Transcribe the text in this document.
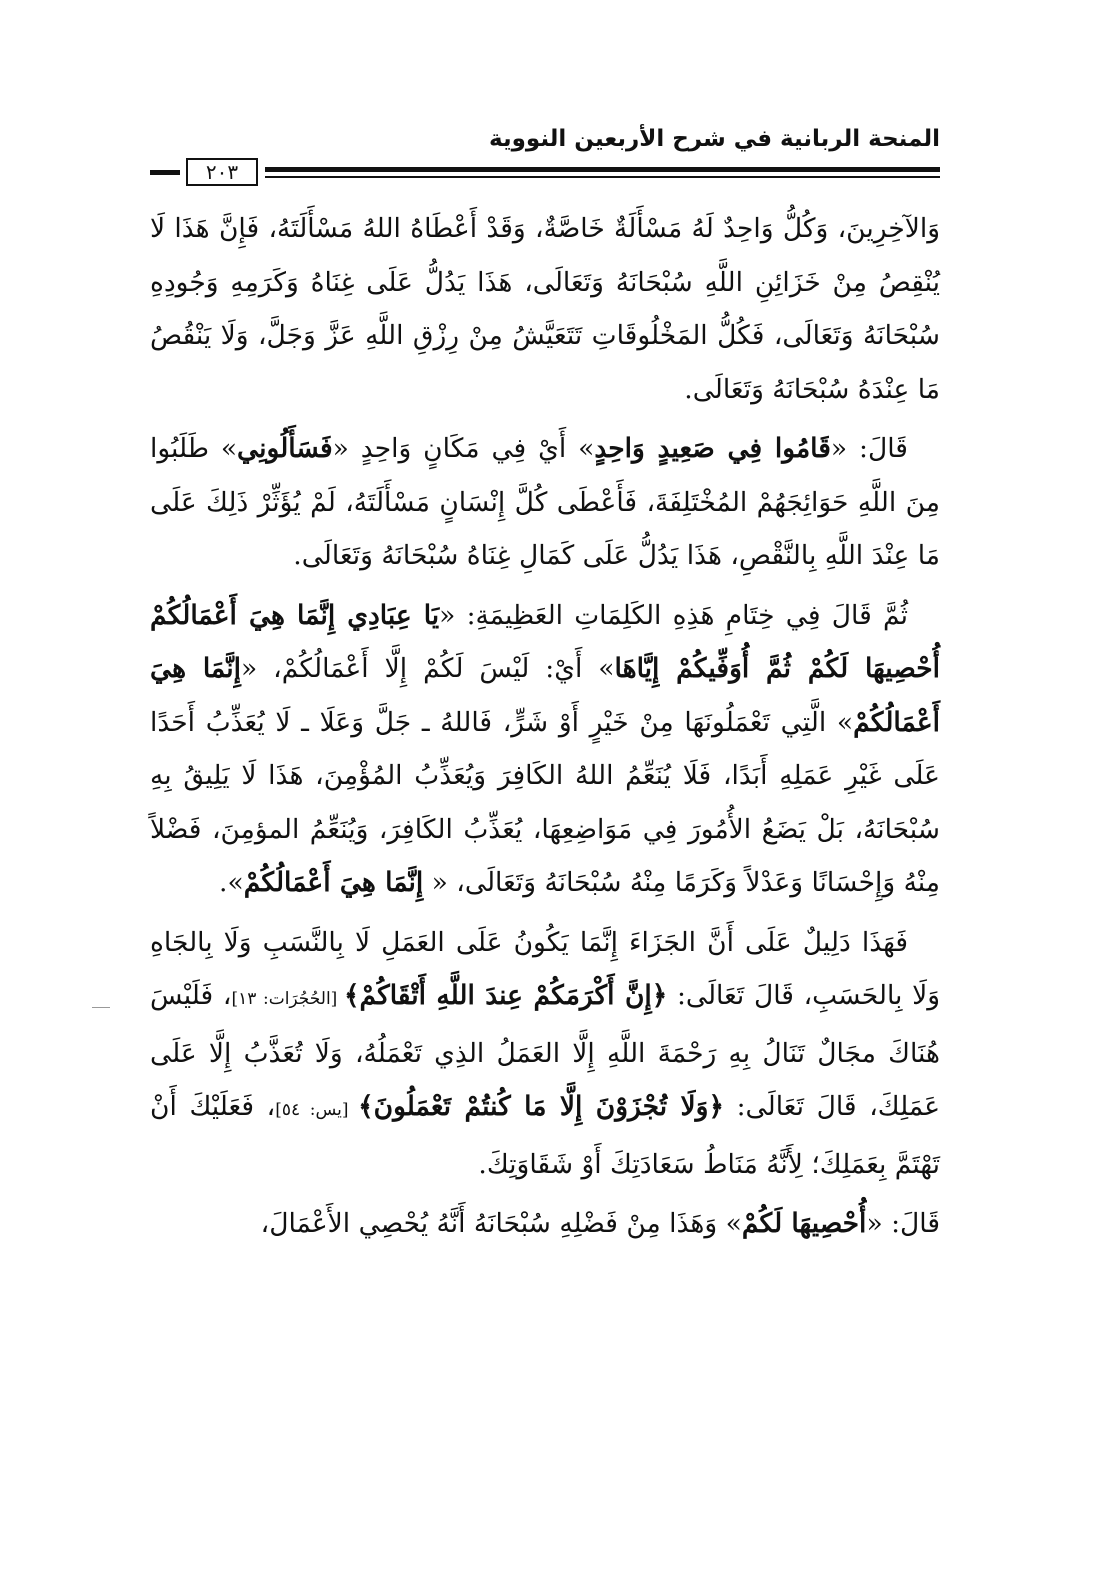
المنحة الربانية في شرح الأربعين النووية
٢٠٣

وَالآخِرِينَ، وَكُلُّ وَاحِدٌ لَهُ مَسْأَلَةٌ خَاصَّةٌ، وَقَدْ أَعْطَاهُ اللهُ مَسْأَلَتَهُ، فَإِنَّ هَذَا لَا يُنْقِصُ مِنْ خَزَائِنِ اللَّهِ سُبْحَانَهُ وَتَعَالَى، هَذَا يَدُلُّ عَلَى غِنَاهُ وَكَرَمِهِ وَجُودِهِ سُبْحَانَهُ وَتَعَالَى، فَكُلُّ المَخْلُوقَاتِ تَتَعَيَّشُ مِنْ رِزْقِ اللَّهِ عَزَّ وَجَلَّ، وَلَا يَنْقُصُ مَا عِنْدَهُ سُبْحَانَهُ وَتَعَالَى.

قَالَ: «قَامُوا فِي صَعِيدٍ وَاحِدٍ» أَيْ فِي مَكَانٍ وَاحِدٍ «فَسَأَلُونِي» طَلَبُوا مِنَ اللَّهِ حَوَائِجَهُمْ المُخْتَلِفَةَ، فَأَعْطَى كُلَّ إِنْسَانٍ مَسْأَلَتَهُ، لَمْ يُؤَثِّرْ ذَلِكَ عَلَى مَا عِنْدَ اللَّهِ بِالنَّقْصِ، هَذَا يَدُلُّ عَلَى كَمَالِ غِنَاهُ سُبْحَانَهُ وَتَعَالَى.

ثُمَّ قَالَ فِي خِتَامِ هَذِهِ الكَلِمَاتِ العَظِيمَةِ: «يَا عِبَادِي إِنَّمَا هِيَ أَعْمَالُكُمْ أُحْصِيهَا لَكُمْ ثُمَّ أُوَفِّيكُمْ إِيَّاهَا» أَيْ: لَيْسَ لَكُمْ إِلَّا أَعْمَالُكُمْ، «إِنَّمَا هِيَ أَعْمَالُكُمْ» الَّتِي تَعْمَلُونَهَا مِنْ خَيْرٍ أَوْ شَرٍّ، فَاللهُ ـ جَلَّ وَعَلَا ـ لَا يُعَذِّبُ أَحَدًا عَلَى غَيْرِ عَمَلِهِ أَبَدًا، فَلَا يُنَعِّمُ اللهُ الكَافِرَ وَيُعَذِّبُ المُؤْمِنَ، هَذَا لَا يَلِيقُ بِهِ سُبْحَانَهُ، بَلْ يَضَعُ الأُمُورَ فِي مَوَاضِعِهَا، يُعَذِّبُ الكَافِرَ، وَيُنَعِّمُ المؤمِنَ، فَضْلاً مِنْهُ وَإِحْسَانًا وَعَدْلاً وَكَرَمًا مِنْهُ سُبْحَانَهُ وَتَعَالَى، « إِنَّمَا هِيَ أَعْمَالُكُمْ».

فَهَذَا دَلِيلٌ عَلَى أَنَّ الجَزَاءَ إِنَّمَا يَكُونُ عَلَى العَمَلِ لَا بِالنَّسَبِ وَلَا بِالجَاهِ وَلَا بِالحَسَبِ، قَالَ تَعَالَى: ﴿إِنَّ أَكْرَمَكُمْ عِندَ اللَّهِ أَتْقَاكُمْ﴾ [الحُجُرَات: ١٣]، فَلَيْسَ هُنَاكَ مجَالٌ تَنَالُ بِهِ رَحْمَةَ اللَّهِ إِلَّا العَمَلُ الذِي تَعْمَلُهُ، وَلَا تُعَذَّبُ إِلَّا عَلَى عَمَلِكَ، قَالَ تَعَالَى: ﴿وَلَا تُجْزَوْنَ إِلَّا مَا كُنتُمْ تَعْمَلُونَ﴾ [يس: ٥٤]، فَعَلَيْكَ أَنْ تَهْتَمَّ بِعَمَلِكَ؛ لِأَنَّهُ مَنَاطُ سَعَادَتِكَ أَوْ شَقَاوَتِكَ.

قَالَ: «أُحْصِيهَا لَكُمْ» وَهَذَا مِنْ فَضْلِهِ سُبْحَانَهُ أَنَّهُ يُحْصِي الأَعْمَالَ،
